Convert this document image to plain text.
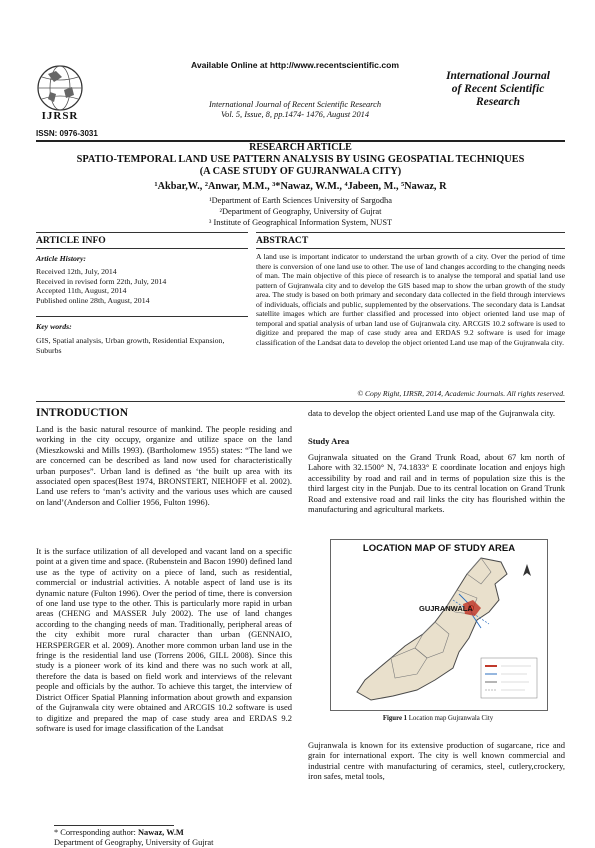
IJRSR
Available Online at http://www.recentscientific.com
International Journal of Recent Scientific Research
Vol. 5, Issue, 8, pp.1474- 1476, August 2014
ISSN: 0976-3031
International Journal
of Recent Scientific
Research
RESEARCH ARTICLE
SPATIO-TEMPORAL LAND USE PATTERN ANALYSIS BY USING GEOSPATIAL TECHNIQUES
(A CASE STUDY OF GUJRANWALA CITY)
¹Akbar,W., ²Anwar, M.M., ³*Nawaz, W.M., ⁴Jabeen, M., ⁵Nawaz, R
¹Department of Earth Sciences University of Sargodha
²Department of Geography, University of Gujrat
³ Institute of Geographical Information System, NUST
ARTICLE INFO
Article History:
Received 12th, July, 2014
Received in revised form 22th, July, 2014
Accepted 11th, August, 2014
Published online 28th, August, 2014
Key words:
GIS, Spatial analysis, Urban growth, Residential Expansion, Suburbs
ABSTRACT
A land use is important indicator to understand the urban growth of a city. Over the period of time there is conversion of one land use to other. The use of land changes according to the changing needs of man. The main objective of this piece of research is to analyse the temporal and spatial land use pattern of Gujranwala city and to develop the GIS based map to show the urban growth of the study area. The study is based on both primary and secondary data collected in the field through interviews of individuals, officials and public, supplemented by the observations. The secondary data is Landsat satellite images which are further classified and processed into object oriented land use map of temporal and spatial analysis of urban land use of Gujranwala city. ARCGIS 10.2 software is used to digitize and prepared the map of case study area and ERDAS 9.2 software is used for image classification of the Landsat data to develop the object oriented Land use map of the Gujranwala city.
© Copy Right, IJRSR, 2014, Academic Journals. All rights reserved.
INTRODUCTION
Land is the basic natural resource of mankind. The people residing and working in the city occupy, organize and utilize space on the land (Mieszkowski and Mills 1993). (Bartholomew 1955) states: “The land we are concerned can be described as land now used for characteristically urban purposes”. Urban land is defined as ‘the built up area with its associated open spaces(Best 1974, BRONSTERT, NIEHOFF et al. 2002). Land use refers to ‘man’s activity and the various uses which are caused on land’(Anderson and Collier 1956, Fulton 1996).
It is the surface utilization of all developed and vacant land on a specific point at a given time and space. (Rubenstein and Bacon 1990) defined land use as the type of activity on a piece of land, such as residential, commercial or industrial activities. A notable aspect of land use is its dynamic nature (Fulton 1996). Over the period of time, there is conversion of one land use type to the other. This is particularly more rapid in urban areas (CHENG and MASSER July 2002). The use of land changes according to the changing needs of man. Traditionally, peripheral areas of the city exhibit more rural character than urban (GENNAIO, HERSPERGER et al. 2009). Another more common urban land use in the fringe is the residential land use (Torrens 2006, GILL 2008). Since this study is a pioneer work of its kind and there was no such work at all, therefore the data is based on field work and interviews of the relevant people and officials by the author. To achieve this target, the interview of District Officer Spatial Planning information about growth and expansion of the Gujranwala city were obtained and ARCGIS 10.2 software is used to digitize and prepared the map of case study area and ERDAS 9.2 software is used for image classification of the Landsat
data to develop the object oriented Land use map of the Gujranwala city.
Study Area
Gujranwala situated on the Grand Trunk Road, about 67 km north of Lahore with 32.1500° N, 74.1833° E coordinate location and enjoys high accessibility by road and rail and in terms of population size this is the third largest city in the Punjab. Due to its central location on Grand Trunk Road and extensive road and rail links the city has flourished within the manufacturing and agricultural markets.
LOCATION MAP OF STUDY AREA
GUJRANWALA
Figure 1 Location map Gujranwala City
Gujranwala is known for its extensive production of sugarcane, rice and grain for international export. The city is well known commercial and industrial centre with manufacturing of ceramics, steel, cutlery,crockery, iron safes, metal tools,
* Corresponding author: Nawaz, W.M
Department of Geography, University of Gujrat
